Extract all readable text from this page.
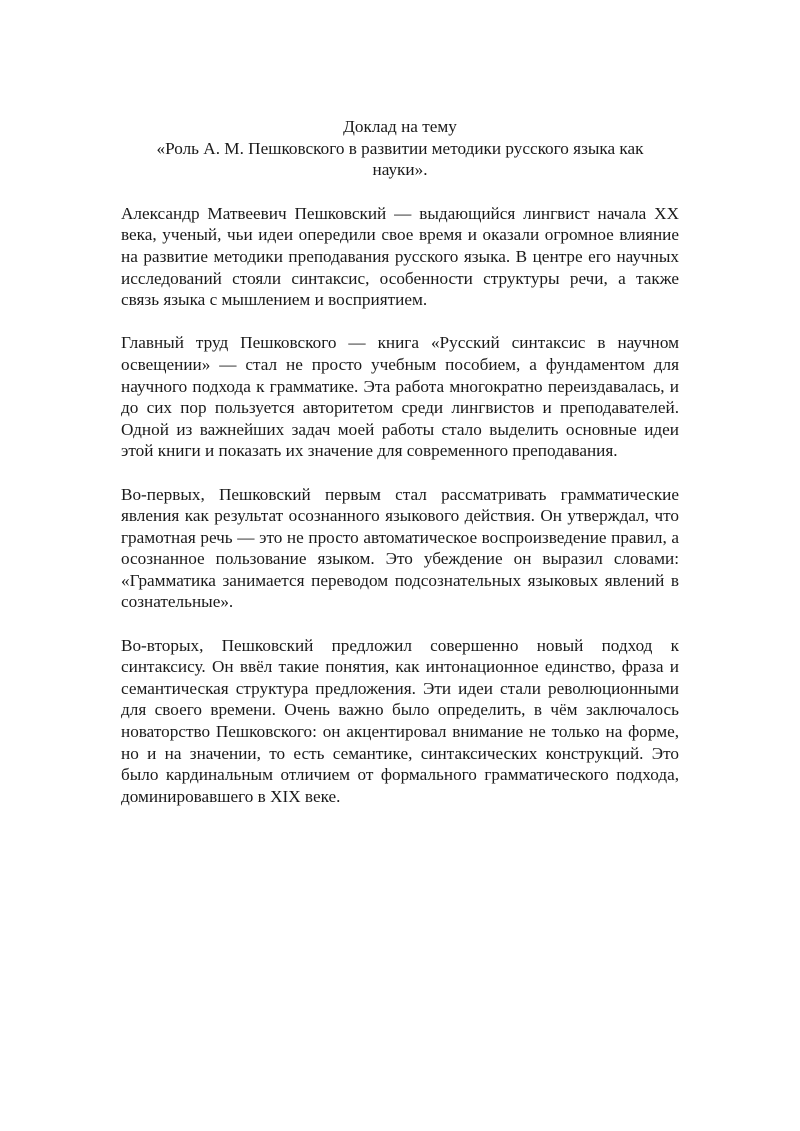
Доклад на тему
«Роль А. М. Пешковского в развитии методики русского языка как
науки».

Александр Матвеевич Пешковский — выдающийся лингвист начала XX века, ученый, чьи идеи опередили свое время и оказали огромное влияние на развитие методики преподавания русского языка. В центре его научных исследований стояли синтаксис, особенности структуры речи, а также связь языка с мышлением и восприятием.

Главный труд Пешковского — книга «Русский синтаксис в научном освещении» — стал не просто учебным пособием, а фундаментом для научного подхода к грамматике. Эта работа многократно переиздавалась, и до сих пор пользуется авторитетом среди лингвистов и преподавателей. Одной из важнейших задач моей работы стало выделить основные идеи этой книги и показать их значение для современного преподавания.

Во-первых, Пешковский первым стал рассматривать грамматические явления как результат осознанного языкового действия. Он утверждал, что грамотная речь — это не просто автоматическое воспроизведение правил, а осознанное пользование языком. Это убеждение он выразил словами: «Грамматика занимается переводом подсознательных языковых явлений в сознательные».

Во-вторых, Пешковский предложил совершенно новый подход к синтаксису. Он ввёл такие понятия, как интонационное единство, фраза и семантическая структура предложения. Эти идеи стали революционными для своего времени. Очень важно было определить, в чём заключалось новаторство Пешковского: он акцентировал внимание не только на форме, но и на значении, то есть семантике, синтаксических конструкций. Это было кардинальным отличием от формального грамматического подхода, доминировавшего в XIX веке.
